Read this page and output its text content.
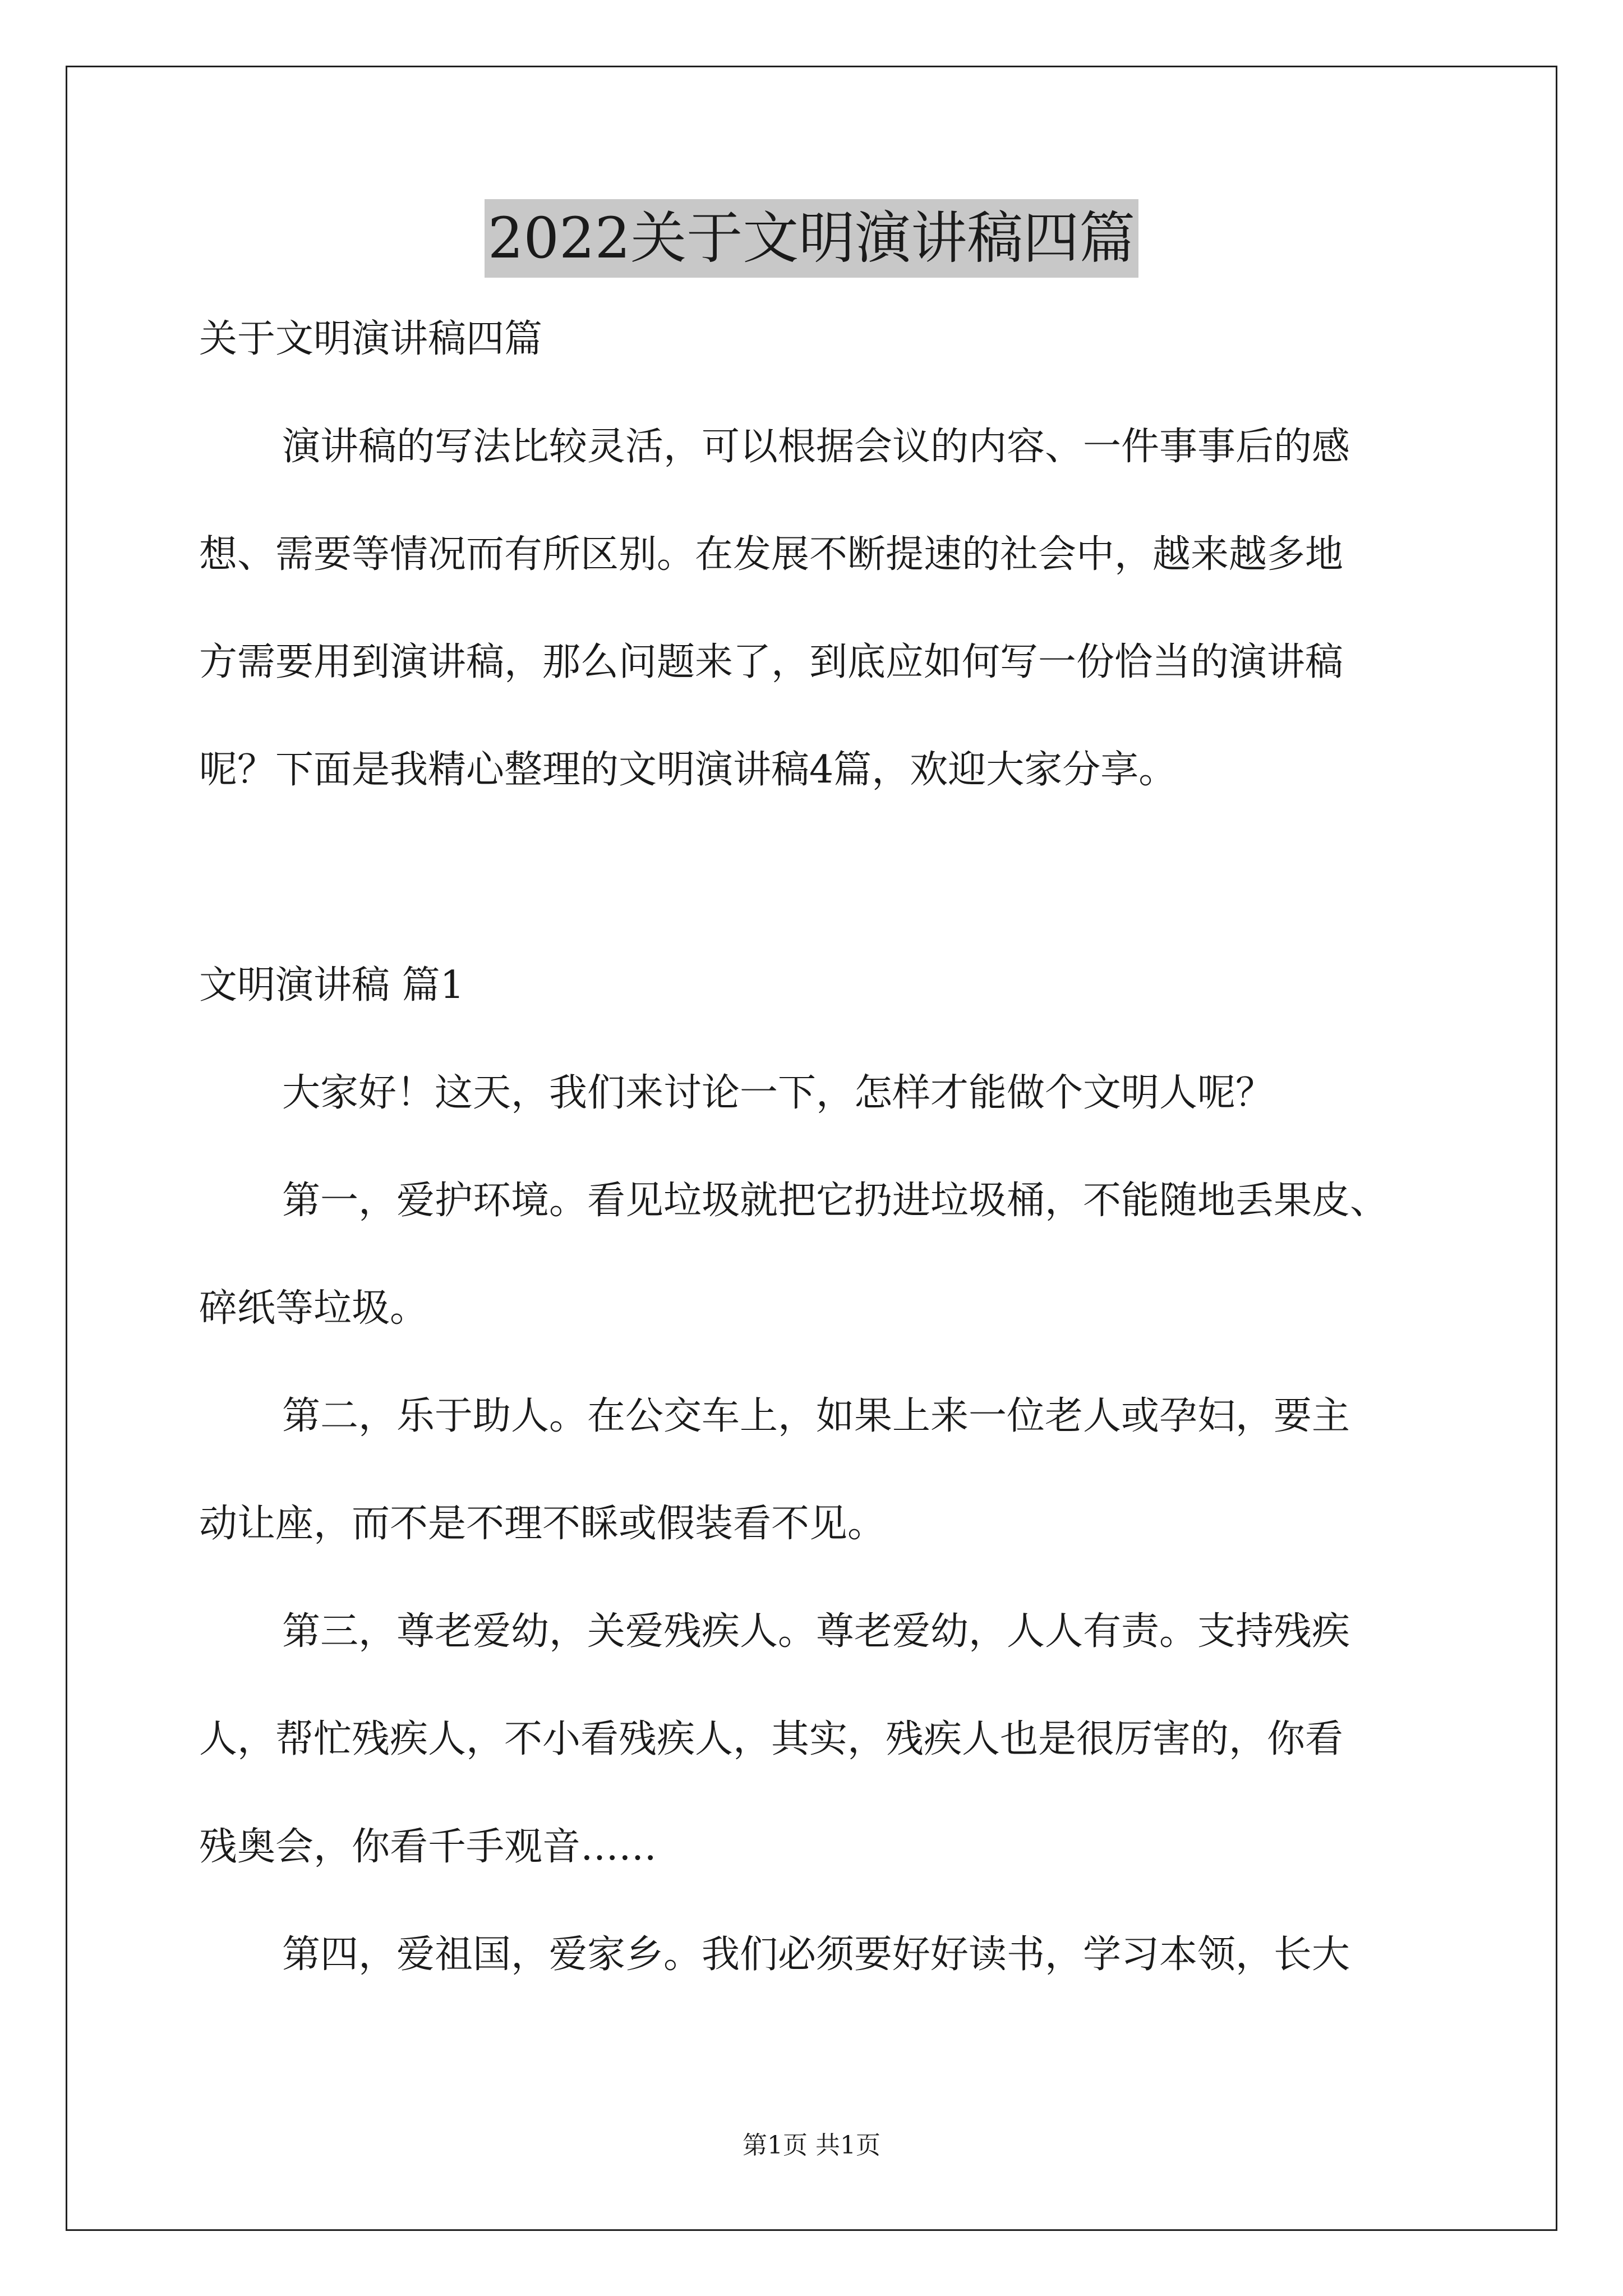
2022关于文明演讲稿四篇
关于文明演讲稿四篇
演讲稿的写法比较灵活，可以根据会议的内容、一件事事后的感
想、需要等情况而有所区别。在发展不断提速的社会中，越来越多地
方需要用到演讲稿，那么问题来了，到底应如何写一份恰当的演讲稿
呢？下面是我精心整理的文明演讲稿4篇，欢迎大家分享。
文明演讲稿 篇1
大家好！这天，我们来讨论一下，怎样才能做个文明人呢？
第一，爱护环境。看见垃圾就把它扔进垃圾桶，不能随地丢果皮、
碎纸等垃圾。
第二，乐于助人。在公交车上，如果上来一位老人或孕妇，要主
动让座，而不是不理不睬或假装看不见。
第三，尊老爱幼，关爱残疾人。尊老爱幼，人人有责。支持残疾
人，帮忙残疾人，不小看残疾人，其实，残疾人也是很厉害的，你看
残奥会，你看千手观音……
第四，爱祖国，爱家乡。我们必须要好好读书，学习本领，长大
第1页 共1页
